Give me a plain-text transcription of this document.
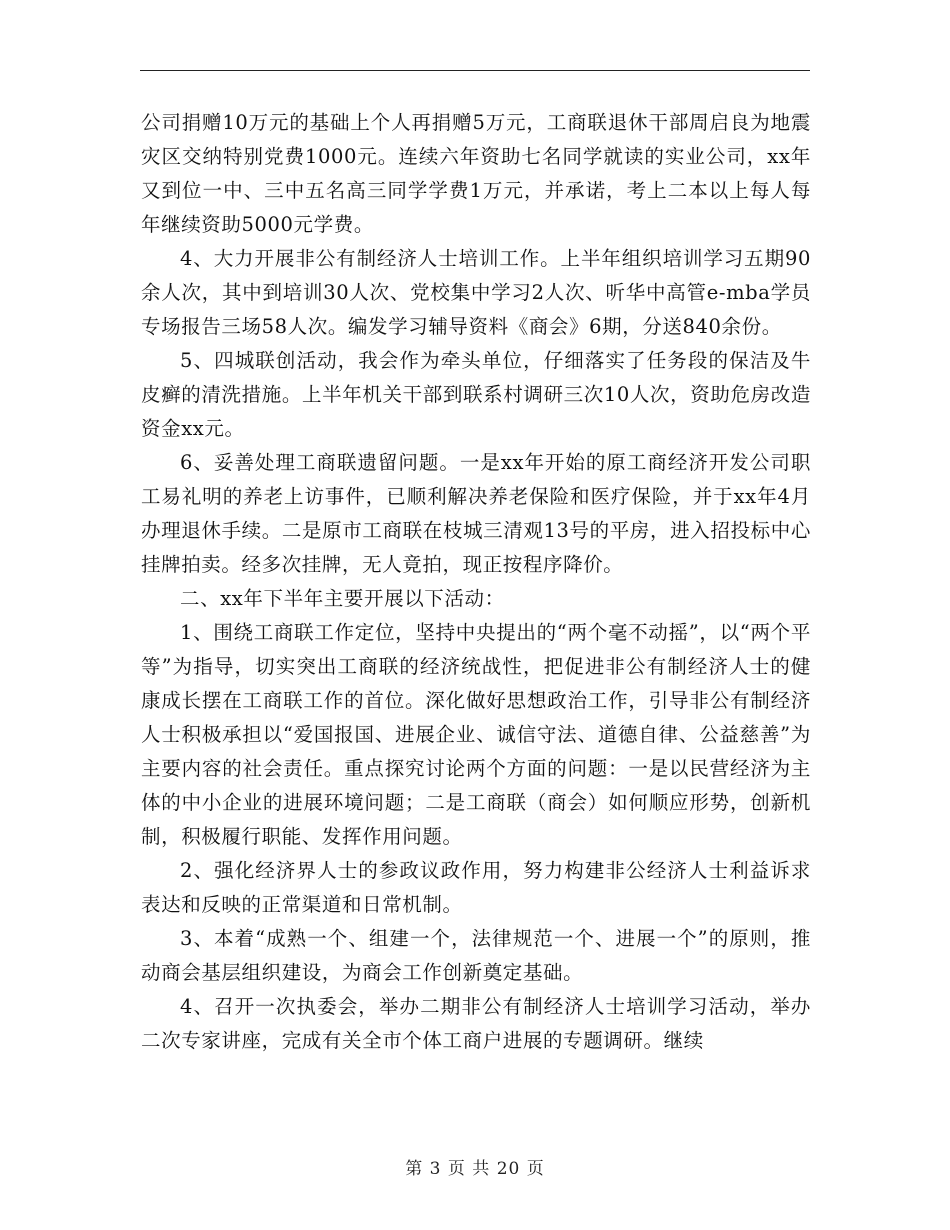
公司捐赠10万元的基础上个人再捐赠5万元，工商联退休干部周启良为地震灾区交纳特别党费1000元。连续六年资助七名同学就读的实业公司，xx年又到位一中、三中五名高三同学学费1万元，并承诺，考上二本以上每人每年继续资助5000元学费。

4、大力开展非公有制经济人士培训工作。上半年组织培训学习五期90余人次，其中到培训30人次、党校集中学习2人次、听华中高管e-mba学员专场报告三场58人次。编发学习辅导资料《商会》6期，分送840余份。

5、四城联创活动，我会作为牵头单位，仔细落实了任务段的保洁及牛皮癣的清洗措施。上半年机关干部到联系村调研三次10人次，资助危房改造资金xx元。

6、妥善处理工商联遗留问题。一是xx年开始的原工商经济开发公司职工易礼明的养老上访事件，已顺利解决养老保险和医疗保险，并于xx年4月办理退休手续。二是原市工商联在枝城三清观13号的平房，进入招投标中心挂牌拍卖。经多次挂牌，无人竟拍，现正按程序降价。

二、xx年下半年主要开展以下活动：

1、围绕工商联工作定位，坚持中央提出的“两个毫不动摇”，以“两个平等”为指导，切实突出工商联的经济统战性，把促进非公有制经济人士的健康成长摆在工商联工作的首位。深化做好思想政治工作，引导非公有制经济人士积极承担以“爱国报国、进展企业、诚信守法、道德自律、公益慈善”为主要内容的社会责任。重点探究讨论两个方面的问题：一是以民营经济为主体的中小企业的进展环境问题；二是工商联（商会）如何顺应形势，创新机制，积极履行职能、发挥作用问题。

2、强化经济界人士的参政议政作用，努力构建非公经济人士利益诉求表达和反映的正常渠道和日常机制。

3、本着“成熟一个、组建一个，法律规范一个、进展一个”的原则，推动商会基层组织建设，为商会工作创新奠定基础。

4、召开一次执委会，举办二期非公有制经济人士培训学习活动，举办二次专家讲座，完成有关全市个体工商户进展的专题调研。继续

第 3 页 共 20 页
